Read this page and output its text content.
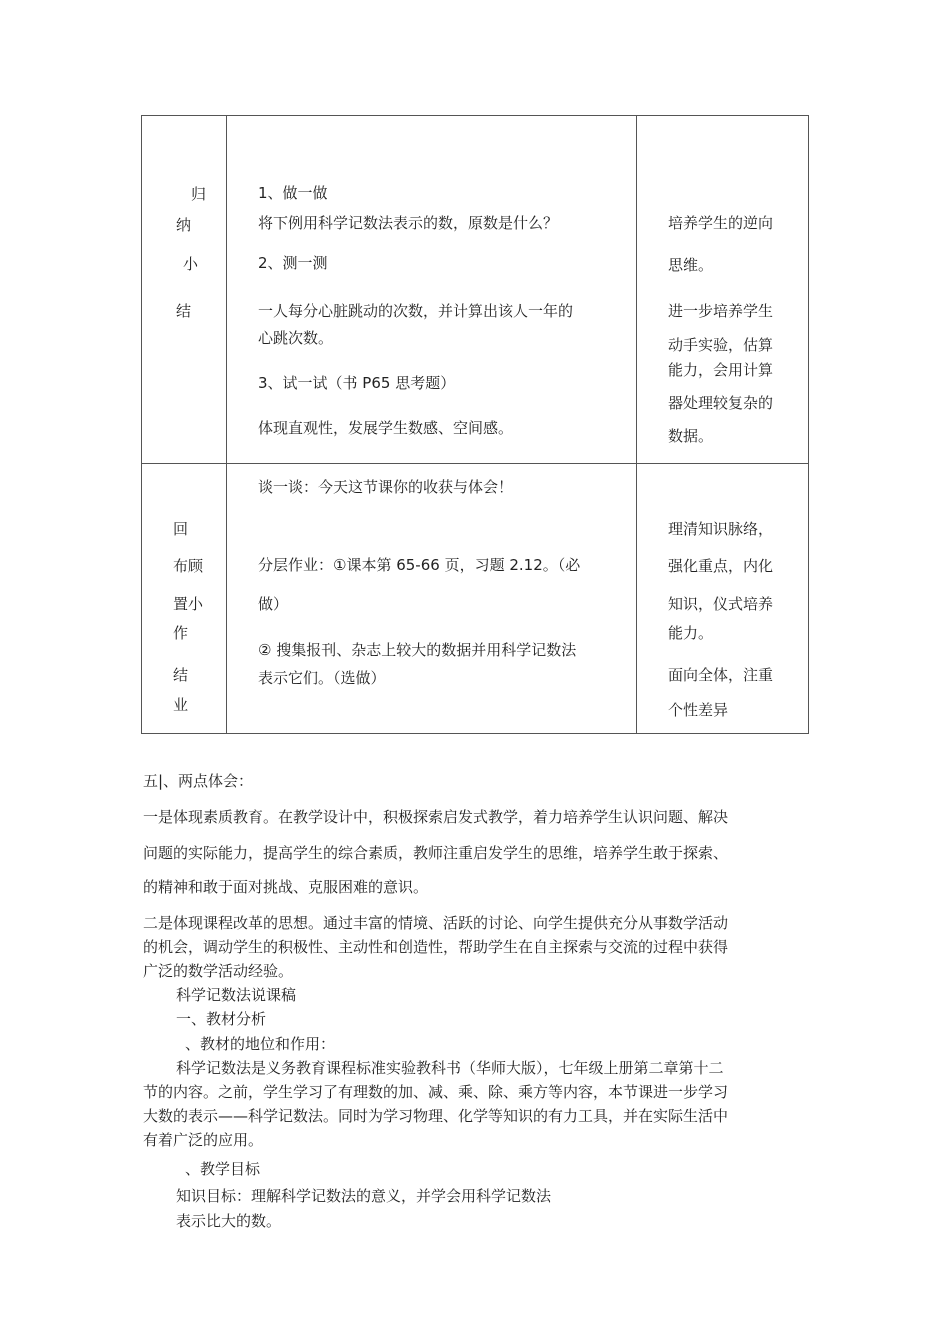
归
纳
小
结
1、做一做
将下例用科学记数法表示的数，原数是什么？
2、测一测
一人每分心脏跳动的次数，并计算出该人一年的
心跳次数。
3、试一试（书 P65 思考题）
体现直观性，发展学生数感、空间感。
培养学生的逆向
思维。
进一步培养学生
动手实验，估算
能力，会用计算
器处理较复杂的
数据。
回
布顾
置小
作
结
业
谈一谈：今天这节课你的收获与体会！
分层作业：①课本第 65-66 页，习题 2.12。（必
做）
② 搜集报刊、杂志上较大的数据并用科学记数法
表示它们。（选做）
理清知识脉络，
强化重点，内化
知识，仪式培养
能力。
面向全体，注重
个性差异
五|、两点体会：
一是体现素质教育。在教学设计中，积极探索启发式教学，着力培养学生认识问题、解决
问题的实际能力，提高学生的综合素质，教师注重启发学生的思维，培养学生敢于探索、
的精神和敢于面对挑战、克服困难的意识。
二是体现课程改革的思想。通过丰富的情境、活跃的讨论、向学生提供充分从事数学活动
的机会，调动学生的积极性、主动性和创造性，帮助学生在自主探索与交流的过程中获得
广泛的数学活动经验。
科学记数法说课稿
一、教材分析
、教材的地位和作用：
科学记数法是义务教育课程标准实验教科书（华师大版），七年级上册第二章第十二
节的内容。之前，学生学习了有理数的加、减、乘、除、乘方等内容，本节课进一步学习
大数的表示——科学记数法。同时为学习物理、化学等知识的有力工具，并在实际生活中
有着广泛的应用。
、教学目标
知识目标：理解科学记数法的意义，并学会用科学记数法
表示比大的数。
